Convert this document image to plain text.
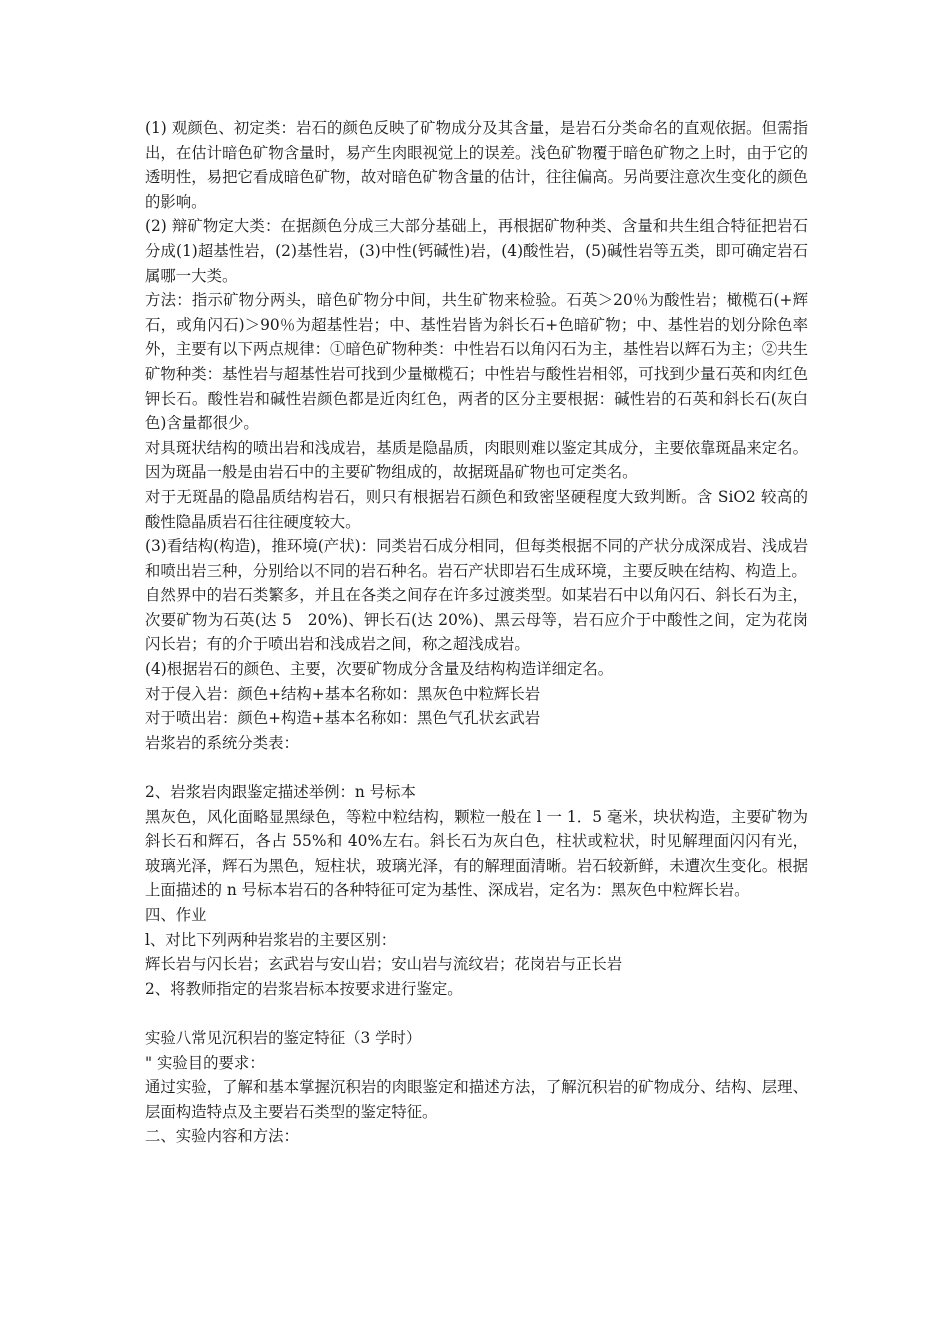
(1) 观颜色、初定类：岩石的颜色反映了矿物成分及其含量，是岩石分类命名的直观依据。但需指出，在估计暗色矿物含量时，易产生肉眼视觉上的误差。浅色矿物覆于暗色矿物之上时，由于它的透明性，易把它看成暗色矿物，故对暗色矿物含量的估计，往往偏高。另尚要注意次生变化的颜色的影响。

(2) 辩矿物定大类：在据颜色分成三大部分基础上，再根据矿物种类、含量和共生组合特征把岩石分成(1)超基性岩，(2)基性岩，(3)中性(钙碱性)岩，(4)酸性岩，(5)碱性岩等五类，即可确定岩石属哪一大类。

方法：指示矿物分两头，暗色矿物分中间，共生矿物来检验。石英＞20％为酸性岩；橄榄石(+辉石，或角闪石)＞90％为超基性岩；中、基性岩皆为斜长石+色暗矿物；中、基性岩的划分除色率外，主要有以下两点规律：①暗色矿物种类：中性岩石以角闪石为主，基性岩以辉石为主；②共生矿物种类：基性岩与超基性岩可找到少量橄榄石；中性岩与酸性岩相邻，可找到少量石英和肉红色钾长石。酸性岩和碱性岩颜色都是近肉红色，两者的区分主要根据：碱性岩的石英和斜长石(灰白色)含量都很少。

对具斑状结构的喷出岩和浅成岩，基质是隐晶质，肉眼则难以鉴定其成分，主要依靠斑晶来定名。因为斑晶一般是由岩石中的主要矿物组成的，故据斑晶矿物也可定类名。

对于无斑晶的隐晶质结构岩石，则只有根据岩石颜色和致密坚硬程度大致判断。含 SiO2 较高的酸性隐晶质岩石往往硬度较大。

(3)看结构(构造)，推环境(产状)：同类岩石成分相同，但每类根据不同的产状分成深成岩、浅成岩和喷出岩三种，分别给以不同的岩石种名。岩石产状即岩石生成环境，主要反映在结构、构造上。

自然界中的岩石类繁多，并且在各类之间存在许多过渡类型。如某岩石中以角闪石、斜长石为主，次要矿物为石英(达 5　20%)、钾长石(达 20%)、黑云母等，岩石应介于中酸性之间，定为花岗闪长岩；有的介于喷出岩和浅成岩之间，称之超浅成岩。

(4)根据岩石的颜色、主要，次要矿物成分含量及结构构造详细定名。

对于侵入岩：颜色+结构+基本名称如：黑灰色中粒辉长岩

对于喷出岩：颜色+构造+基本名称如：黑色气孔状玄武岩

岩浆岩的系统分类表：

2、岩浆岩肉跟鉴定描述举例：n 号标本

黑灰色，风化面略显黑绿色，等粒中粒结构，颗粒一般在 l 一 1．5 毫米，块状构造，主要矿物为斜长石和辉石，各占 55%和 40%左右。斜长石为灰白色，柱状或粒状，时见解理面闪闪有光，玻璃光泽，辉石为黑色，短柱状，玻璃光泽，有的解理面清晰。岩石较新鲜，未遭次生变化。根据上面描述的 n 号标本岩石的各种特征可定为基性、深成岩，定名为：黑灰色中粒辉长岩。

四、作业

l、对比下列两种岩浆岩的主要区别：

辉长岩与闪长岩；玄武岩与安山岩；安山岩与流纹岩；花岗岩与正长岩

2、将教师指定的岩浆岩标本按要求进行鉴定。

实验八常见沉积岩的鉴定特征（3 学时）

" 实验目的要求：

通过实验，了解和基本掌握沉积岩的肉眼鉴定和描述方法，了解沉积岩的矿物成分、结构、层理、层面构造特点及主要岩石类型的鉴定特征。

二、实验内容和方法：
